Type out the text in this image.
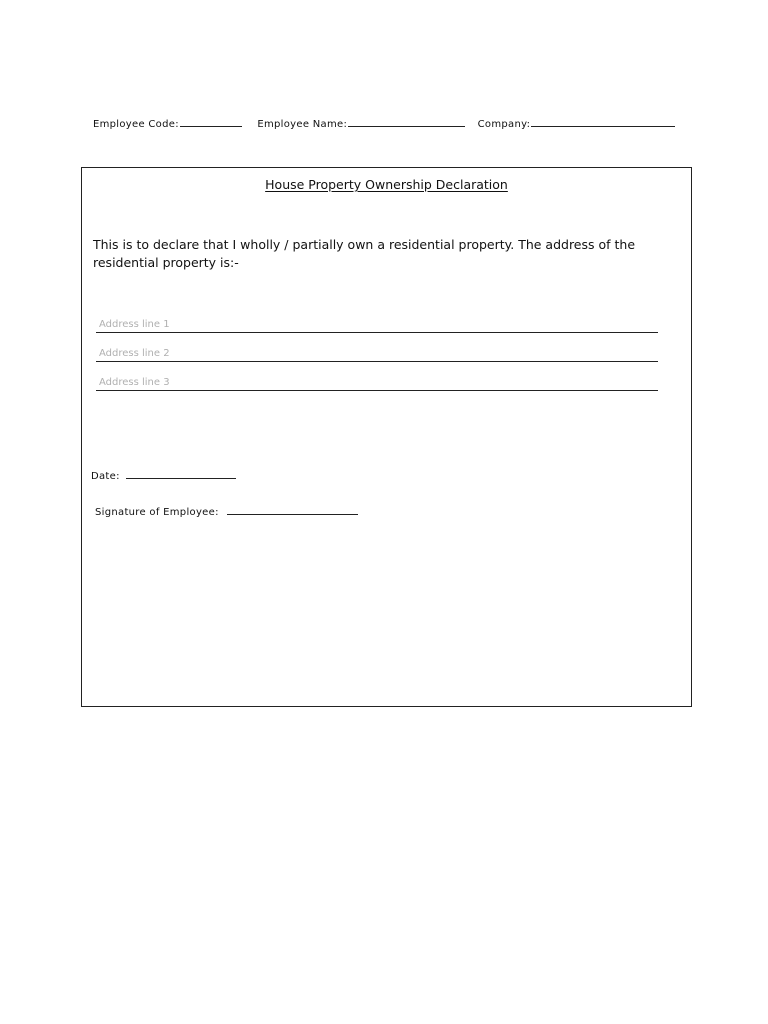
Employee Code:	Employee Name:	Company:
House Property Ownership Declaration
This is to declare that I wholly / partially own a residential property. The address of the residential property is:-
Address line 1
Address line 2
Address line 3
Date:
Signature of Employee:
